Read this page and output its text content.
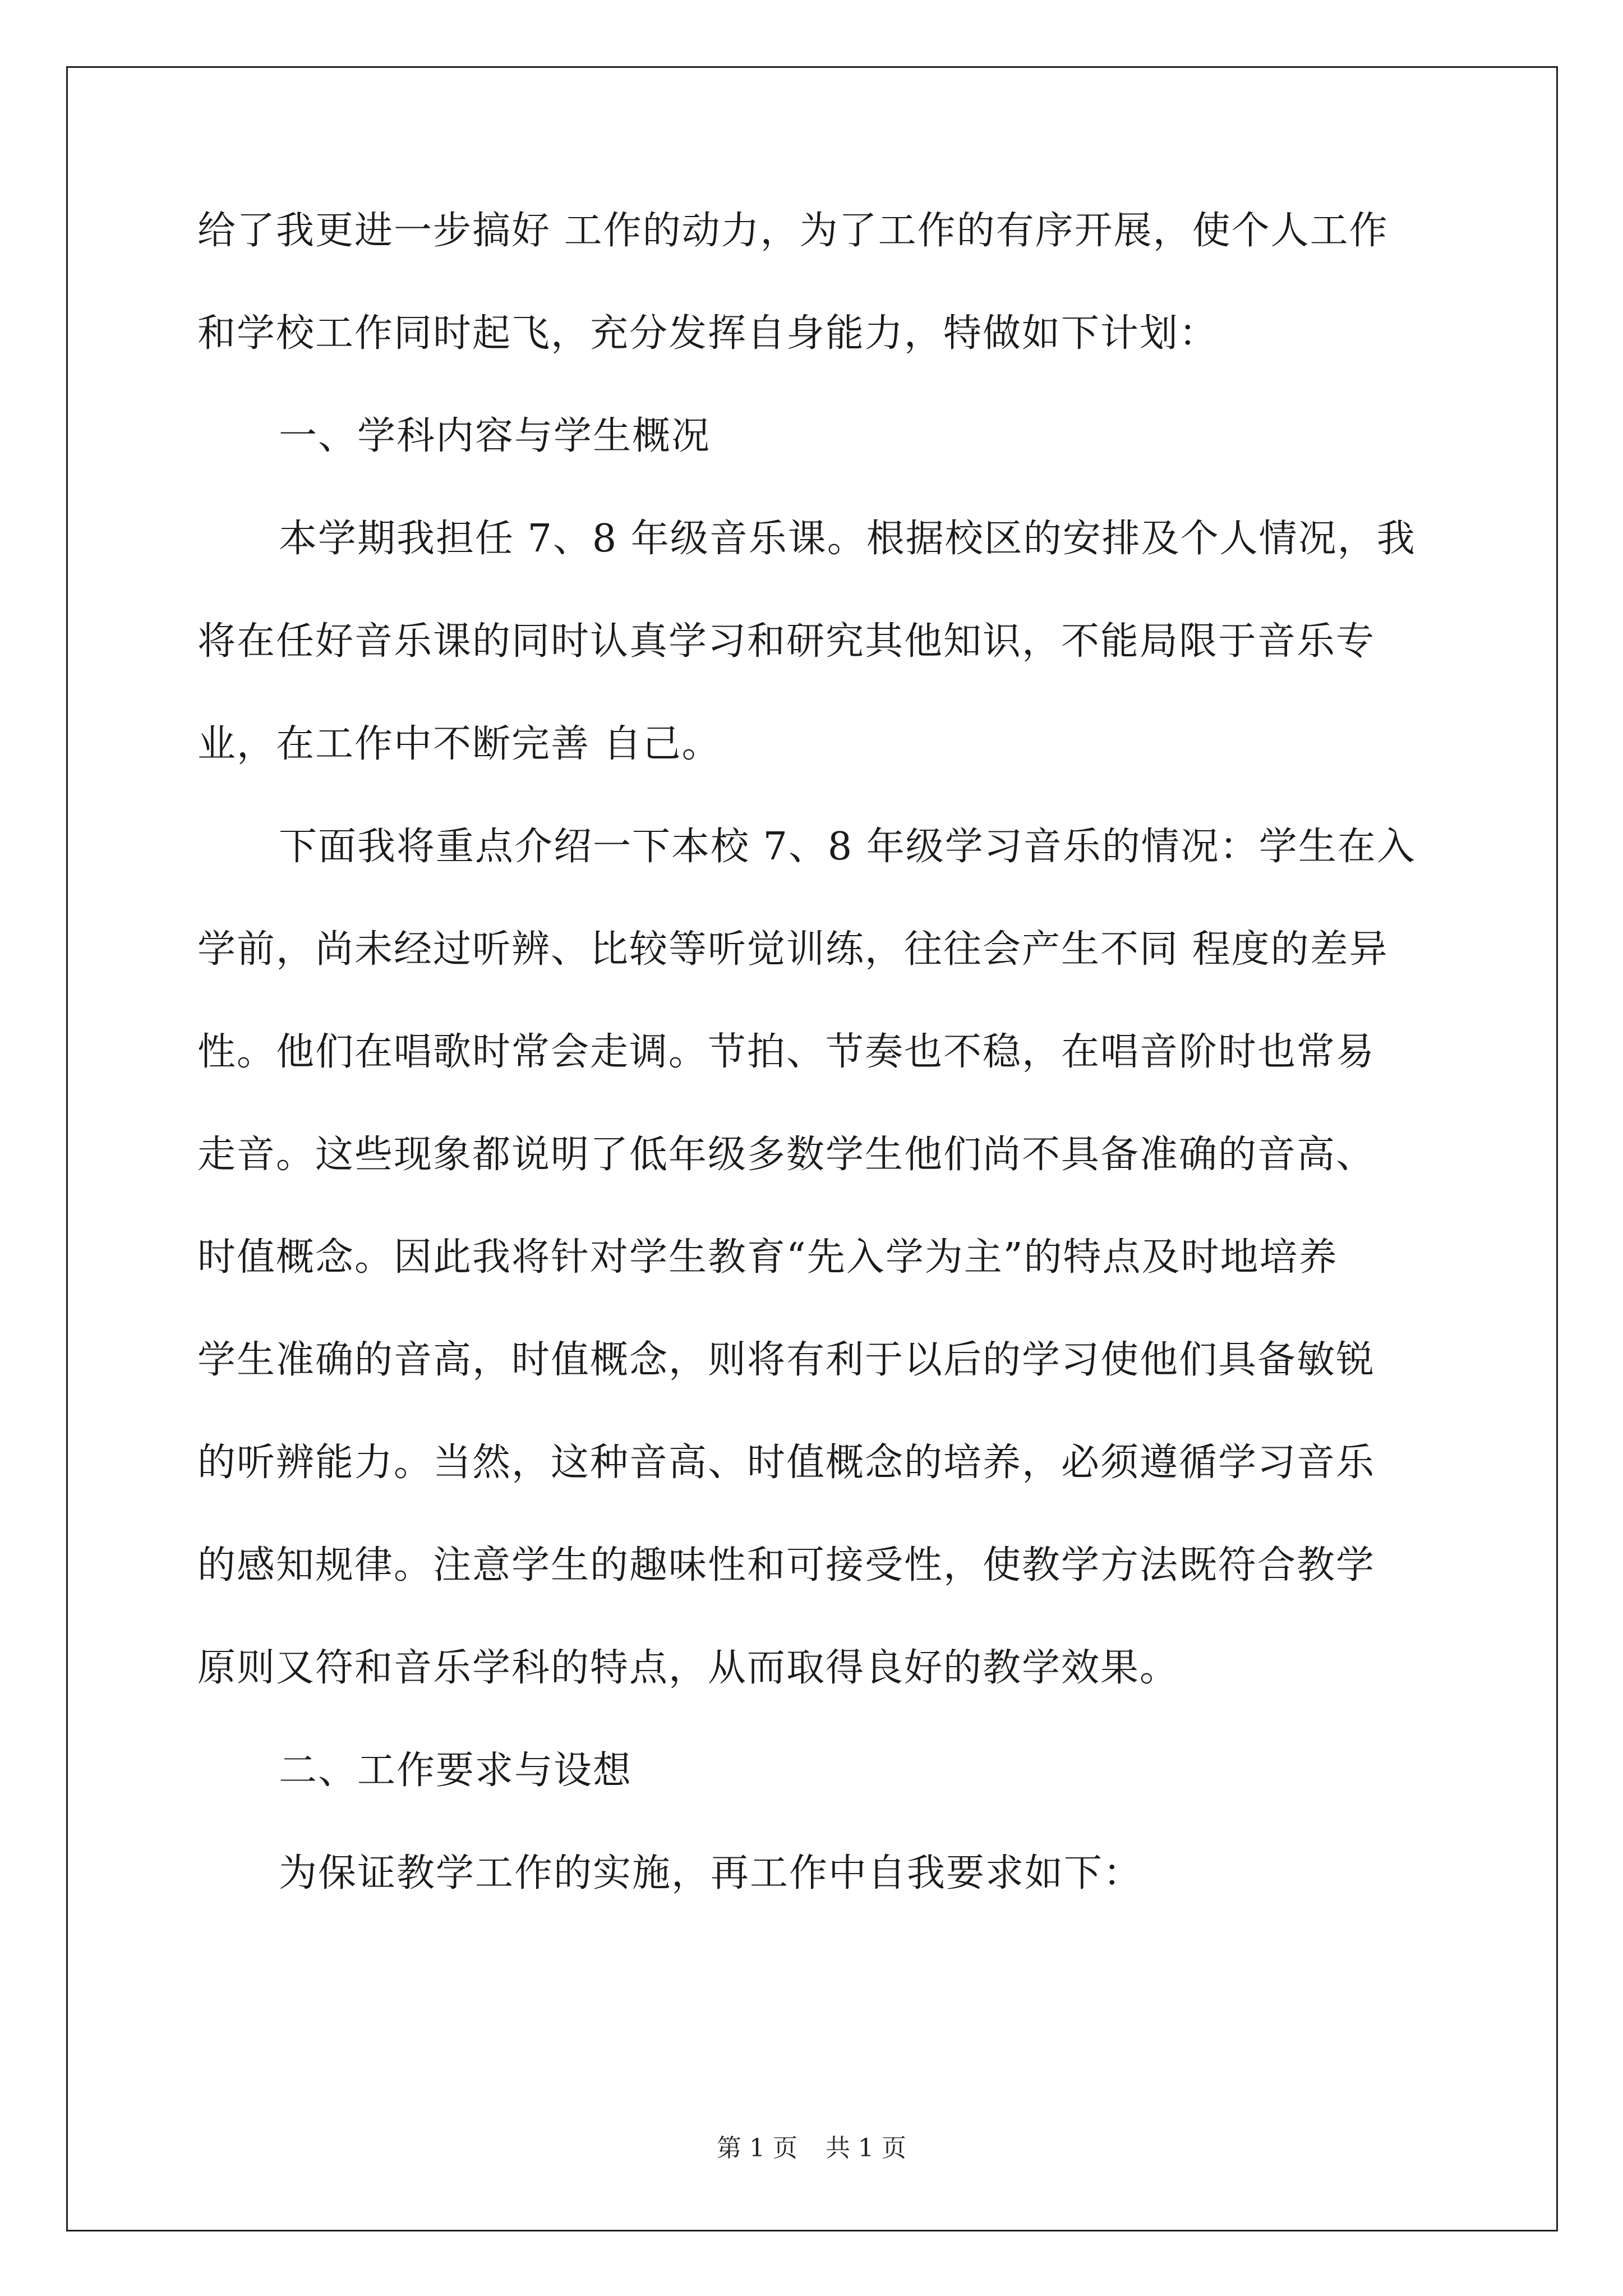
给了我更进一步搞好 工作的动力，为了工作的有序开展，使个人工作
和学校工作同时起飞，充分发挥自身能力，特做如下计划：
一、学科内容与学生概况
本学期我担任 7、8 年级音乐课。根据校区的安排及个人情况，我
将在任好音乐课的同时认真学习和研究其他知识，不能局限于音乐专
业，在工作中不断完善 自己。
下面我将重点介绍一下本校 7、8 年级学习音乐的情况：学生在入
学前，尚未经过听辨、比较等听觉训练，往往会产生不同 程度的差异
性。他们在唱歌时常会走调。节拍、节奏也不稳，在唱音阶时也常易
走音。这些现象都说明了低年级多数学生他们尚不具备准确的音高、
时值概念。因此我将针对学生教育“先入学为主”的特点及时地培养
学生准确的音高，时值概念，则将有利于以后的学习使他们具备敏锐
的听辨能力。当然，这种音高、时值概念的培养，必须遵循学习音乐
的感知规律。注意学生的趣味性和可接受性，使教学方法既符合教学
原则又符和音乐学科的特点，从而取得良好的教学效果。
二、工作要求与设想
为保证教学工作的实施，再工作中自我要求如下：
第 1 页 共 1 页
